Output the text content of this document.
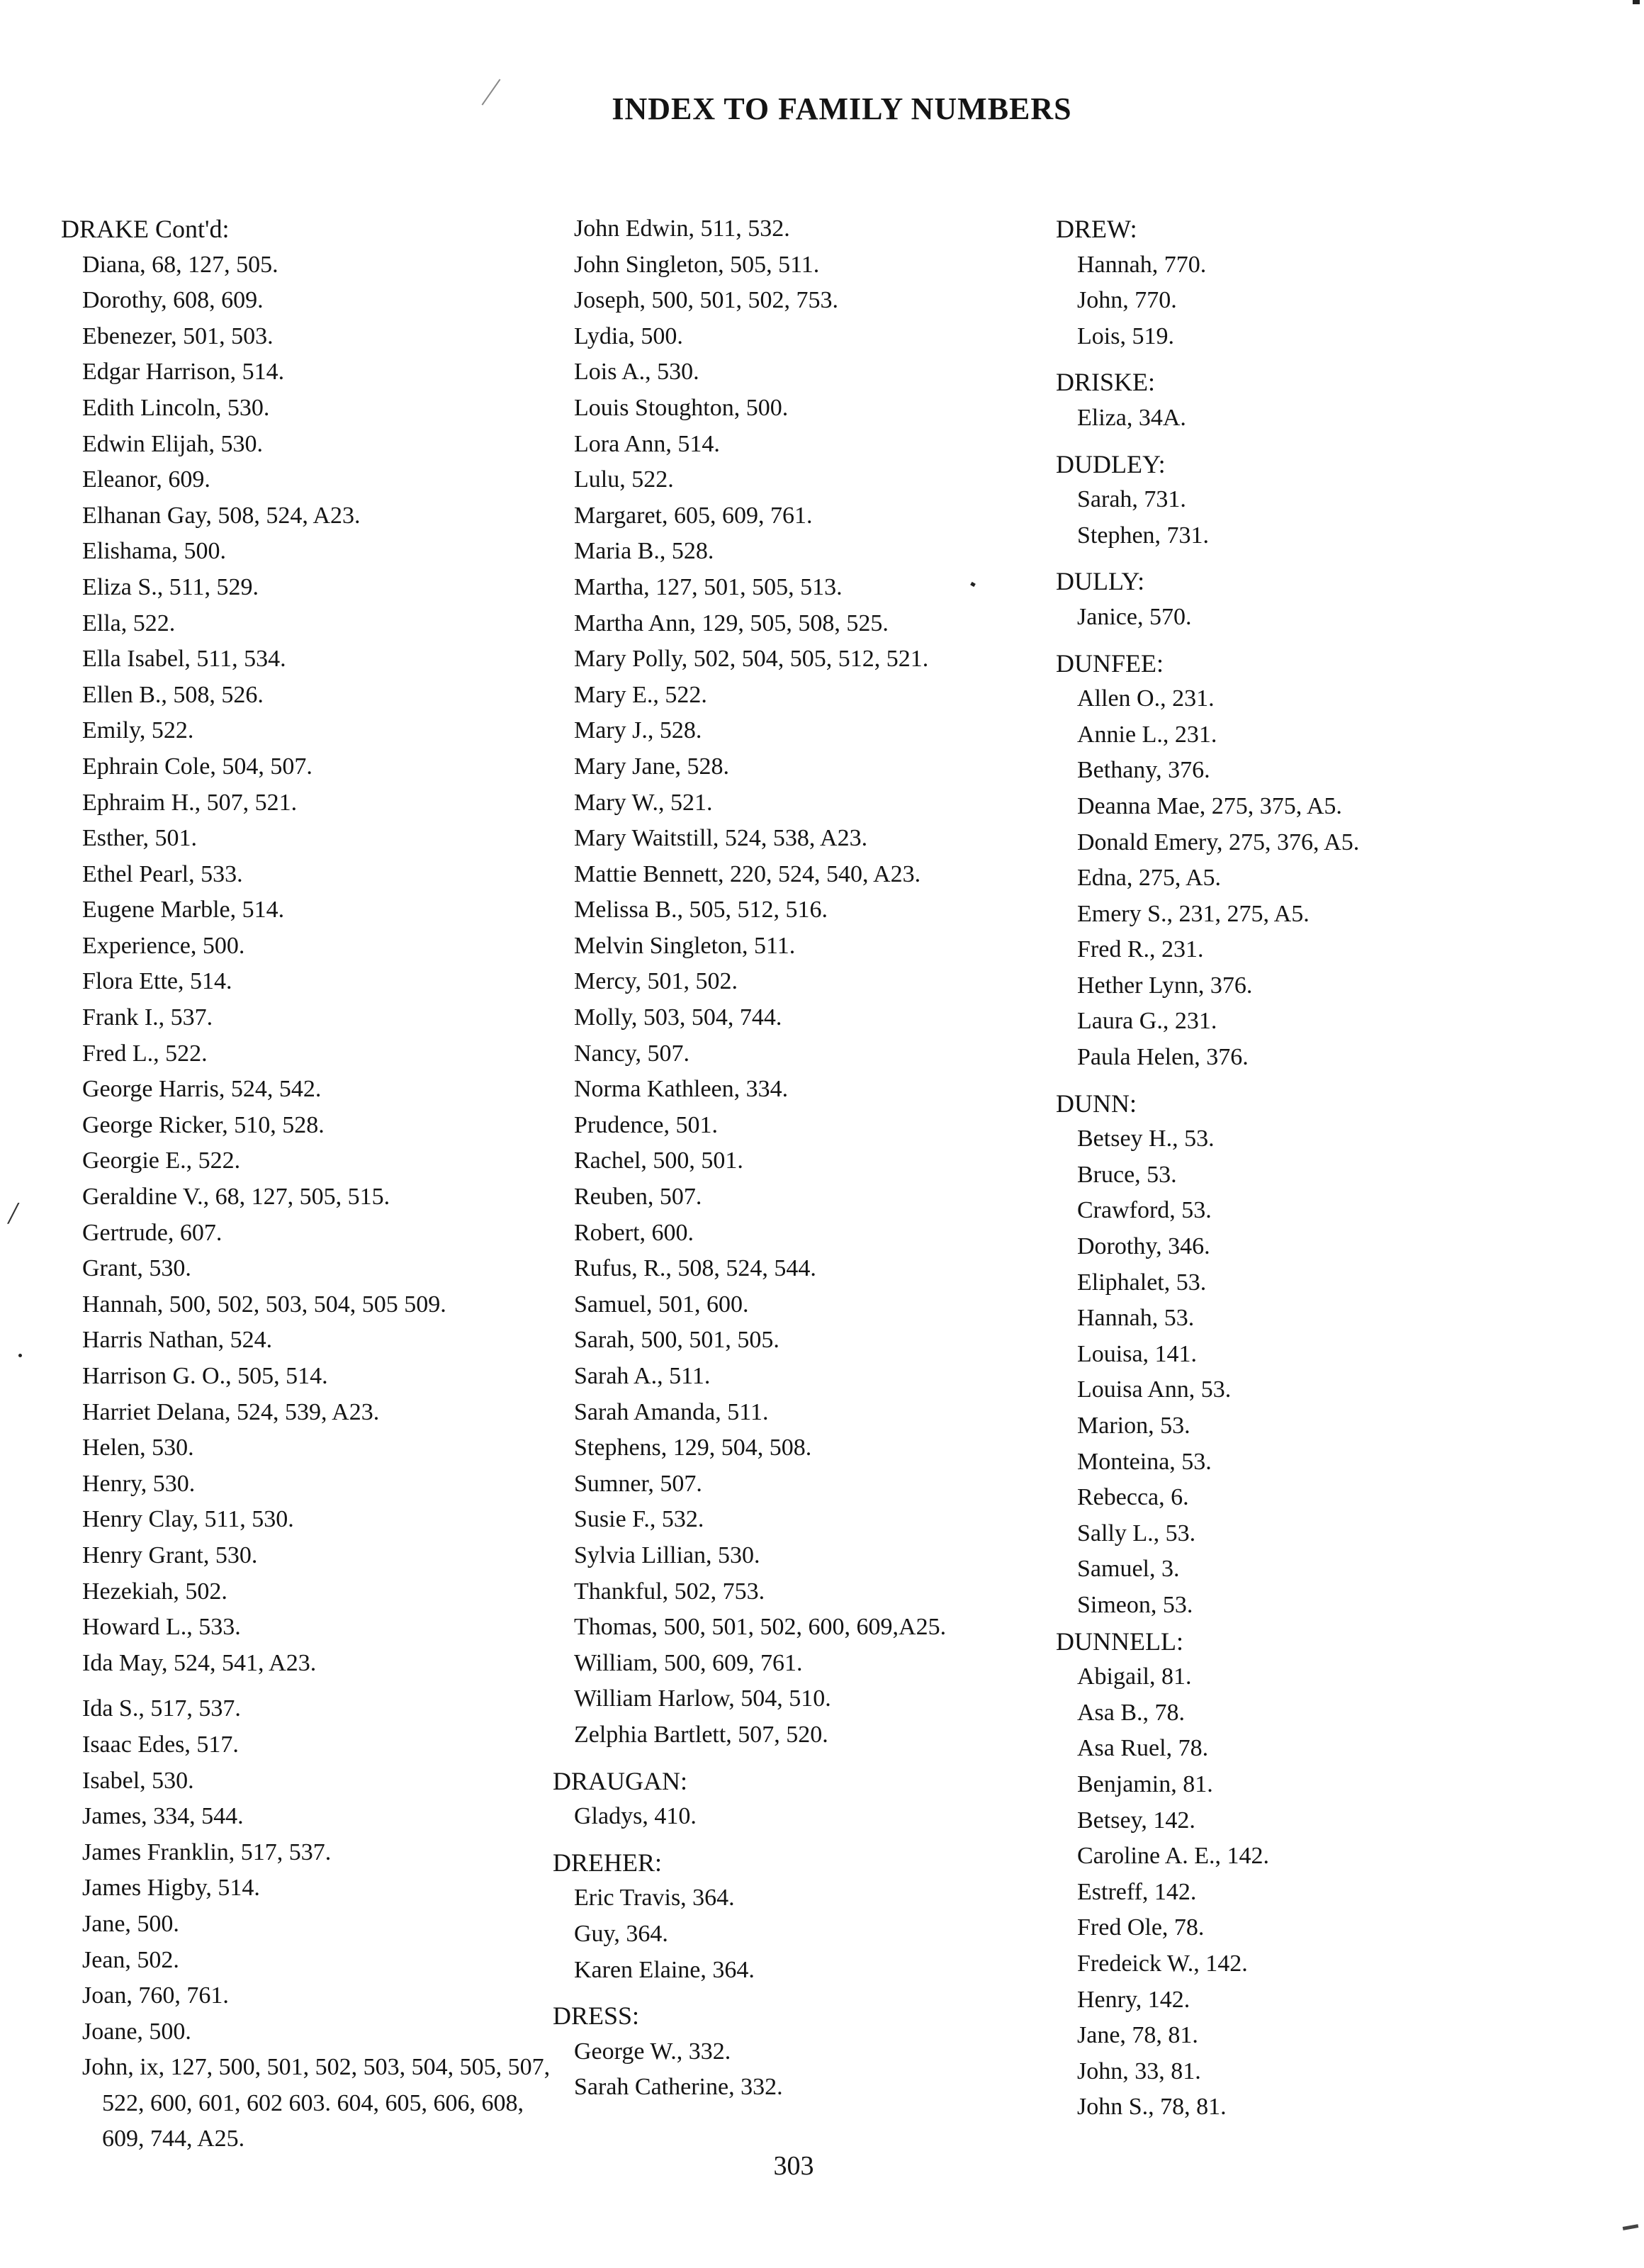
INDEX TO FAMILY NUMBERS
DRAKE Cont'd:
Diana, 68, 127, 505.
Dorothy, 608, 609.
Ebenezer, 501, 503.
Edgar Harrison, 514.
Edith Lincoln, 530.
Edwin Elijah, 530.
Eleanor, 609.
Elhanan Gay, 508, 524, A23.
Elishama, 500.
Eliza S., 511, 529.
Ella, 522.
Ella Isabel, 511, 534.
Ellen B., 508, 526.
Emily, 522.
Ephrain Cole, 504, 507.
Ephraim H., 507, 521.
Esther, 501.
Ethel Pearl, 533.
Eugene Marble, 514.
Experience, 500.
Flora Ette, 514.
Frank I., 537.
Fred L., 522.
George Harris, 524, 542.
George Ricker, 510, 528.
Georgie E., 522.
Geraldine V., 68, 127, 505, 515.
Gertrude, 607.
Grant, 530.
Hannah, 500, 502, 503, 504, 505 509.
Harris Nathan, 524.
Harrison G. O., 505, 514.
Harriet Delana, 524, 539, A23.
Helen, 530.
Henry, 530.
Henry Clay, 511, 530.
Henry Grant, 530.
Hezekiah, 502.
Howard L., 533.
Ida May, 524, 541, A23.
Ida S., 517, 537.
Isaac Edes, 517.
Isabel, 530.
James, 334, 544.
James Franklin, 517, 537.
James Higby, 514.
Jane, 500.
Jean, 502.
Joan, 760, 761.
Joane, 500.
John, ix, 127, 500, 501, 502, 503, 504, 505, 507, 522, 600, 601, 602 603. 604, 605, 606, 608, 609, 744, A25.
John Edwin, 511, 532.
John Singleton, 505, 511.
Joseph, 500, 501, 502, 753.
Lydia, 500.
Lois A., 530.
Louis Stoughton, 500.
Lora Ann, 514.
Lulu, 522.
Margaret, 605, 609, 761.
Maria B., 528.
Martha, 127, 501, 505, 513.
Martha Ann, 129, 505, 508, 525.
Mary Polly, 502, 504, 505, 512, 521.
Mary E., 522.
Mary J., 528.
Mary Jane, 528.
Mary W., 521.
Mary Waitstill, 524, 538, A23.
Mattie Bennett, 220, 524, 540, A23.
Melissa B., 505, 512, 516.
Melvin Singleton, 511.
Mercy, 501, 502.
Molly, 503, 504, 744.
Nancy, 507.
Norma Kathleen, 334.
Prudence, 501.
Rachel, 500, 501.
Reuben, 507.
Robert, 600.
Rufus, R., 508, 524, 544.
Samuel, 501, 600.
Sarah, 500, 501, 505.
Sarah A., 511.
Sarah Amanda, 511.
Stephens, 129, 504, 508.
Sumner, 507.
Susie F., 532.
Sylvia Lillian, 530.
Thankful, 502, 753.
Thomas, 500, 501, 502, 600, 609,A25.
William, 500, 609, 761.
William Harlow, 504, 510.
Zelphia Bartlett, 507, 520.
DRAUGAN:
Gladys, 410.
DREHER:
Eric Travis, 364.
Guy, 364.
Karen Elaine, 364.
DRESS:
George W., 332.
Sarah Catherine, 332.
DREW:
Hannah, 770.
John, 770.
Lois, 519.
DRISKE:
Eliza, 34A.
DUDLEY:
Sarah, 731.
Stephen, 731.
DULLY:
Janice, 570.
DUNFEE:
Allen O., 231.
Annie L., 231.
Bethany, 376.
Deanna Mae, 275, 375, A5.
Donald Emery, 275, 376, A5.
Edna, 275, A5.
Emery S., 231, 275, A5.
Fred R., 231.
Hether Lynn, 376.
Laura G., 231.
Paula Helen, 376.
DUNN:
Betsey H., 53.
Bruce, 53.
Crawford, 53.
Dorothy, 346.
Eliphalet, 53.
Hannah, 53.
Louisa, 141.
Louisa Ann, 53.
Marion, 53.
Monteina, 53.
Rebecca, 6.
Sally L., 53.
Samuel, 3.
Simeon, 53.
DUNNELL:
Abigail, 81.
Asa B., 78.
Asa Ruel, 78.
Benjamin, 81.
Betsey, 142.
Caroline A. E., 142.
Estreff, 142.
Fred Ole, 78.
Fredeick W., 142.
Henry, 142.
Jane, 78, 81.
John, 33, 81.
John S., 78, 81.
303
/
